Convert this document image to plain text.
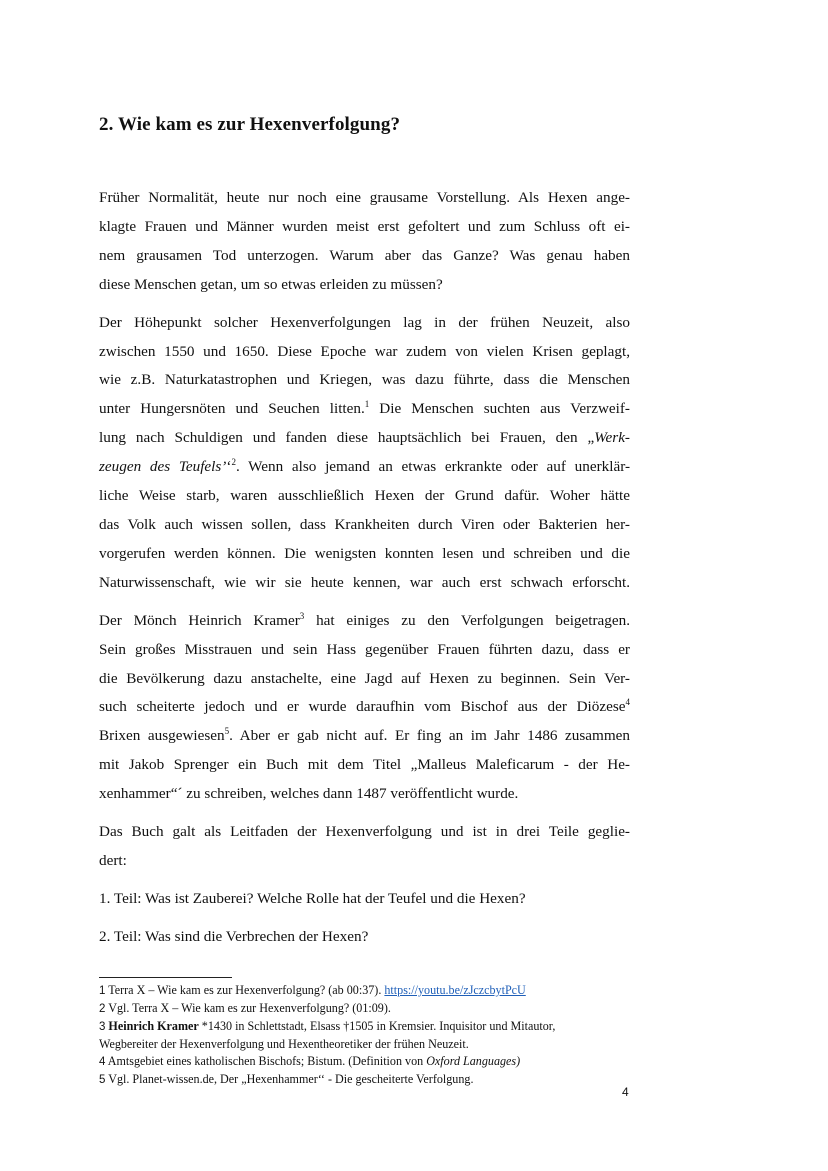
2. Wie kam es zur Hexenverfolgung?
Früher Normalität, heute nur noch eine grausame Vorstellung. Als Hexen ange-
klagte Frauen und Männer wurden meist erst gefoltert und zum Schluss oft ei-
nem grausamen Tod unterzogen. Warum aber das Ganze? Was genau haben
diese Menschen getan, um so etwas erleiden zu müssen?
Der Höhepunkt solcher Hexenverfolgungen lag in der frühen Neuzeit, also
zwischen 1550 und 1650. Diese Epoche war zudem von vielen Krisen geplagt,
wie z.B. Naturkatastrophen und Kriegen, was dazu führte, dass die Menschen
unter Hungersnöten und Seuchen litten.$^1$ Die Menschen suchten aus Verzweif-
lung nach Schuldigen und fanden diese hauptsächlich bei Frauen, den „Werk-
zeugen des Teufels’‘$^2$. Wenn also jemand an etwas erkrankte oder auf unerklär-
liche Weise starb, waren ausschließlich Hexen der Grund dafür. Woher hätte
das Volk auch wissen sollen, dass Krankheiten durch Viren oder Bakterien her-
vorgerufen werden können. Die wenigsten konnten lesen und schreiben und die
Naturwissenschaft, wie wir sie heute kennen, war auch erst schwach erforscht.
Der Mönch Heinrich Kramer$^3$ hat einiges zu den Verfolgungen beigetragen.
Sein großes Misstrauen und sein Hass gegenüber Frauen führten dazu, dass er
die Bevölkerung dazu anstachelte, eine Jagd auf Hexen zu beginnen. Sein Ver-
such scheiterte jedoch und er wurde daraufhin vom Bischof aus der Diözese$^4$
Brixen ausgewiesen$^5$. Aber er gab nicht auf. Er fing an im Jahr 1486 zusammen
mit Jakob Sprenger ein Buch mit dem Titel „Malleus Maleficarum - der He-
xenhammer“´ zu schreiben, welches dann 1487 veröffentlicht wurde.
Das Buch galt als Leitfaden der Hexenverfolgung und ist in drei Teile geglie-
dert:
1. Teil: Was ist Zauberei? Welche Rolle hat der Teufel und die Hexen?
2. Teil: Was sind die Verbrechen der Hexen?
1 Terra X – Wie kam es zur Hexenverfolgung? (ab 00:37). https://youtu.be/zJczcbytPcU
2 Vgl. Terra X – Wie kam es zur Hexenverfolgung? (01:09).
3 Heinrich Kramer *1430 in Schlettstadt, Elsass †1505 in Kremsier. Inquisitor und Mitautor,
Wegbereiter der Hexenverfolgung und Hexentheoretiker der frühen Neuzeit.
4 Amtsgebiet eines katholischen Bischofs; Bistum. (Definition von Oxford Languages)
5 Vgl. Planet-wissen.de, Der „Hexenhammer‘‘ - Die gescheiterte Verfolgung.
4
